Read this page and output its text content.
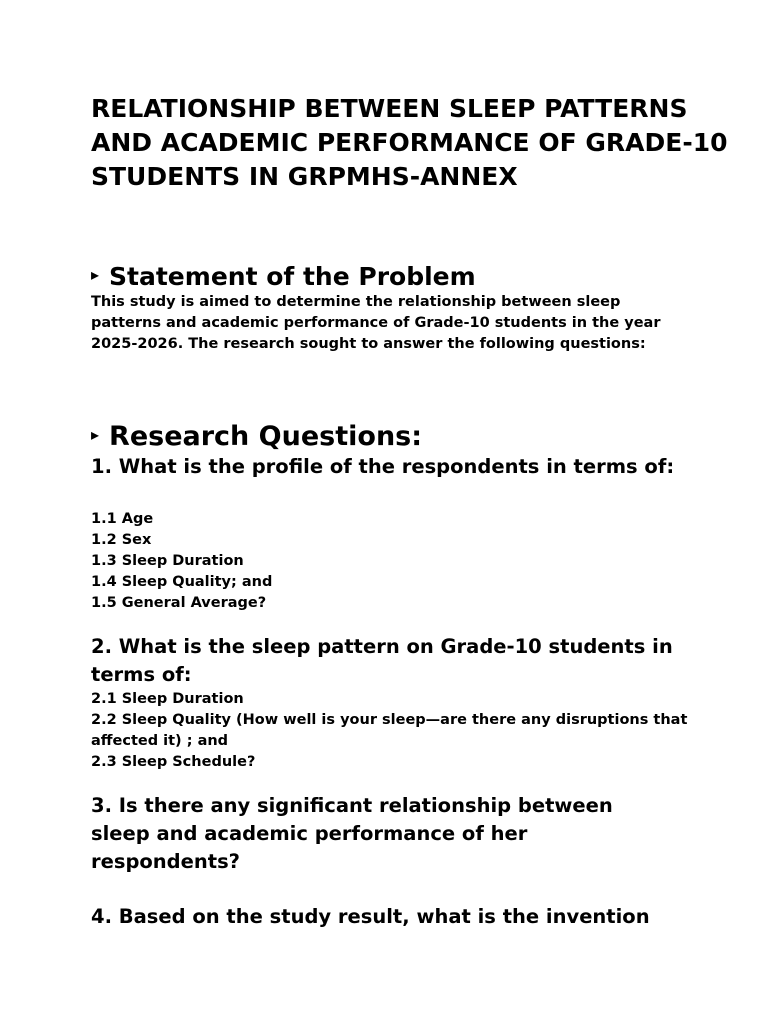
RELATIONSHIP BETWEEN SLEEP PATTERNS AND ACADEMIC PERFORMANCE OF GRADE-10 STUDENTS IN GRPMHS-ANNEX
▸ Statement of the Problem

This study is aimed to determine the relationship between sleep patterns and academic performance of Grade-10 students in the year 2025-2026. The research sought to answer the following questions:

▸ Research Questions:

1. What is the profile of the respondents in terms of:

1.1 Age
1.2 Sex
1.3 Sleep Duration
1.4 Sleep Quality; and
1.5 General Average?

2. What is the sleep pattern on Grade-10 students in terms of:

2.1 Sleep Duration
2.2 Sleep Quality (How well is your sleep—are there any disruptions that affected it) ; and
2.3 Sleep Schedule?

3. Is there any significant relationship between sleep and academic performance of her respondents?

4. Based on the study result, what is the invention
